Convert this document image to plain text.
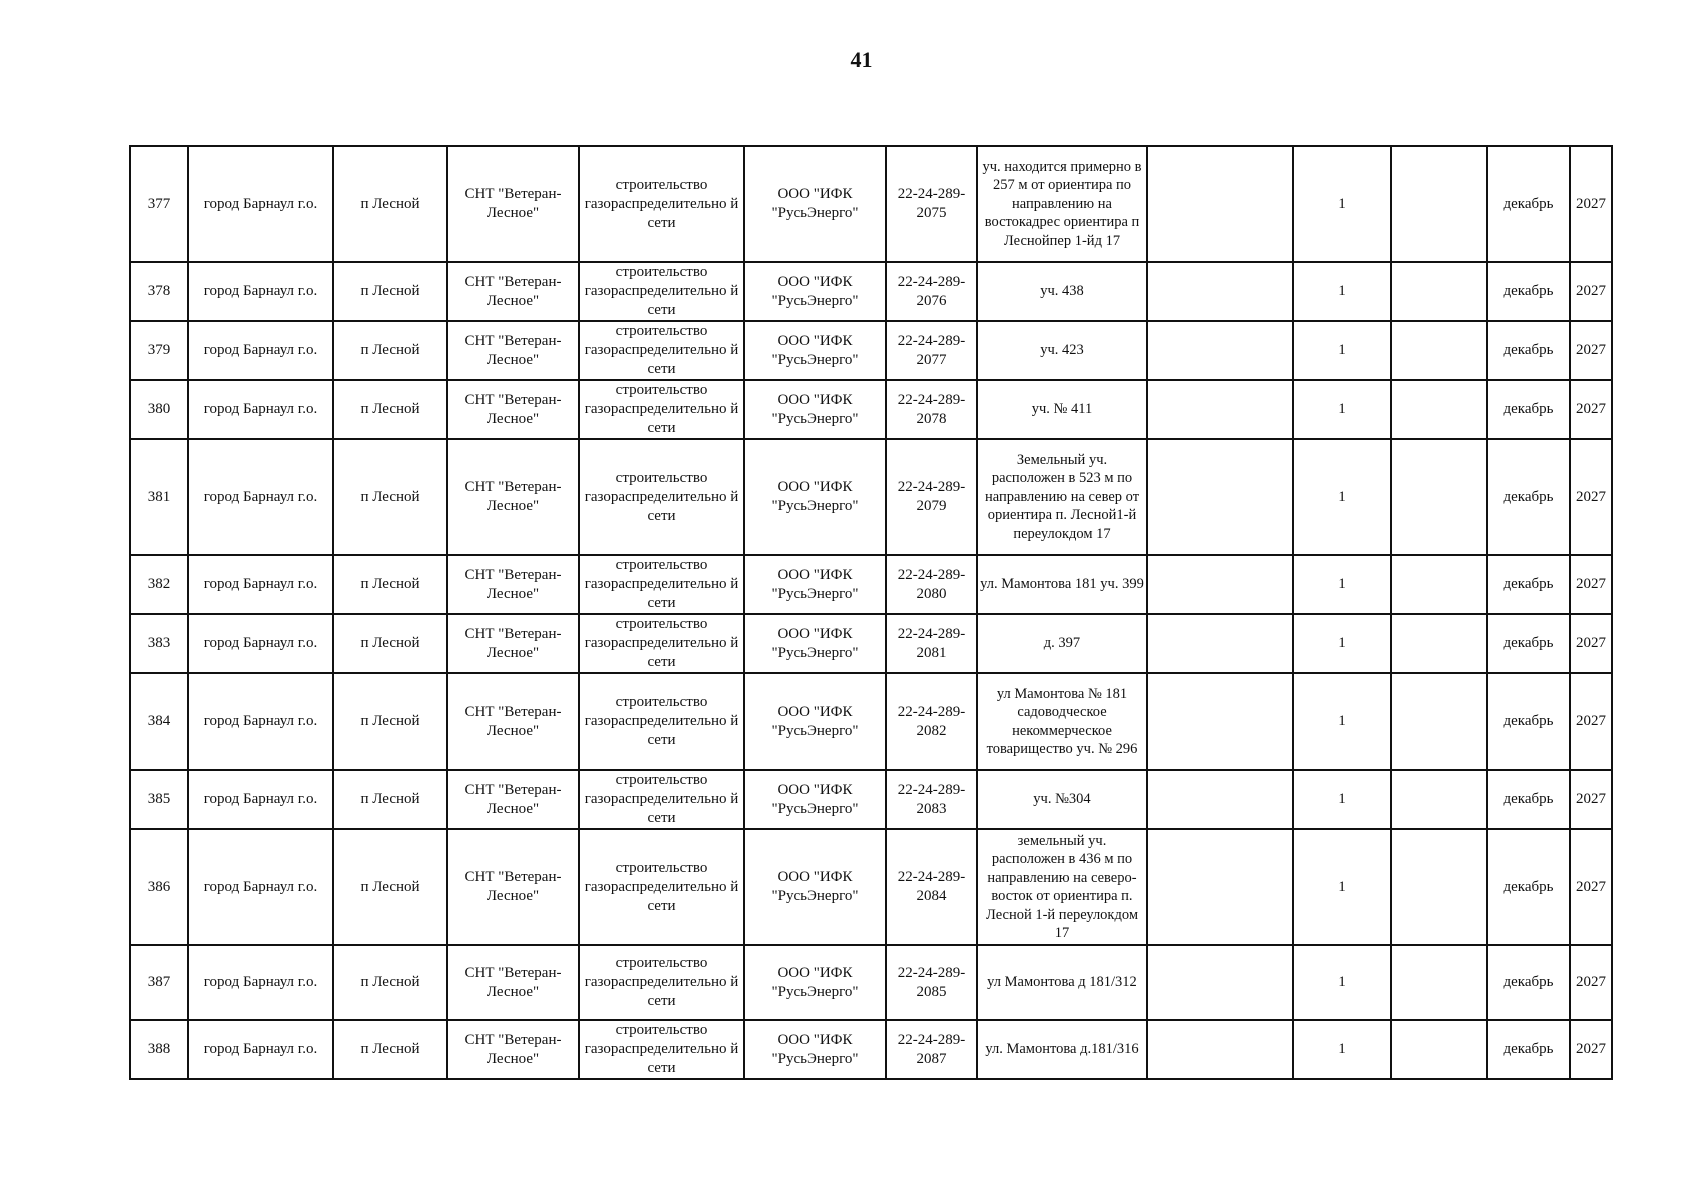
41
377	город Барнаул г.о.	п Лесной	СНТ "Ветеран-Лесное"	строительство газораспределительно й сети	ООО "ИФК "РусьЭнерго"	22-24-289-2075	уч. находится примерно в 257 м от ориентира по направлению на востокадрес ориентира п Леснойпер 1-йд 17		1		декабрь	2027
378	город Барнаул г.о.	п Лесной	СНТ "Ветеран-Лесное"	строительство газораспределительно й сети	ООО "ИФК "РусьЭнерго"	22-24-289-2076	уч. 438		1		декабрь	2027
379	город Барнаул г.о.	п Лесной	СНТ "Ветеран-Лесное"	строительство газораспределительно й сети	ООО "ИФК "РусьЭнерго"	22-24-289-2077	уч. 423		1		декабрь	2027
380	город Барнаул г.о.	п Лесной	СНТ "Ветеран-Лесное"	строительство газораспределительно й сети	ООО "ИФК "РусьЭнерго"	22-24-289-2078	уч. № 411		1		декабрь	2027
381	город Барнаул г.о.	п Лесной	СНТ "Ветеран-Лесное"	строительство газораспределительно й сети	ООО "ИФК "РусьЭнерго"	22-24-289-2079	Земельный уч. расположен в 523 м по направлению на север от ориентира п. Лесной1-й переулокдом 17		1		декабрь	2027
382	город Барнаул г.о.	п Лесной	СНТ "Ветеран-Лесное"	строительство газораспределительно й сети	ООО "ИФК "РусьЭнерго"	22-24-289-2080	ул. Мамонтова 181 уч. 399		1		декабрь	2027
383	город Барнаул г.о.	п Лесной	СНТ "Ветеран-Лесное"	строительство газораспределительно й сети	ООО "ИФК "РусьЭнерго"	22-24-289-2081	д. 397		1		декабрь	2027
384	город Барнаул г.о.	п Лесной	СНТ "Ветеран-Лесное"	строительство газораспределительно й сети	ООО "ИФК "РусьЭнерго"	22-24-289-2082	ул Мамонтова № 181 садоводческое некоммерческое товарищество уч. № 296		1		декабрь	2027
385	город Барнаул г.о.	п Лесной	СНТ "Ветеран-Лесное"	строительство газораспределительно й сети	ООО "ИФК "РусьЭнерго"	22-24-289-2083	уч. №304		1		декабрь	2027
386	город Барнаул г.о.	п Лесной	СНТ "Ветеран-Лесное"	строительство газораспределительно й сети	ООО "ИФК "РусьЭнерго"	22-24-289-2084	земельный уч. расположен в 436 м по направлению на северо-восток от ориентира п. Лесной 1-й переулокдом 17		1		декабрь	2027
387	город Барнаул г.о.	п Лесной	СНТ "Ветеран-Лесное"	строительство газораспределительно й сети	ООО "ИФК "РусьЭнерго"	22-24-289-2085	ул Мамонтова д 181/312		1		декабрь	2027
388	город Барнаул г.о.	п Лесной	СНТ "Ветеран-Лесное"	строительство газораспределительно й сети	ООО "ИФК "РусьЭнерго"	22-24-289-2087	ул. Мамонтова д.181/316		1		декабрь	2027
